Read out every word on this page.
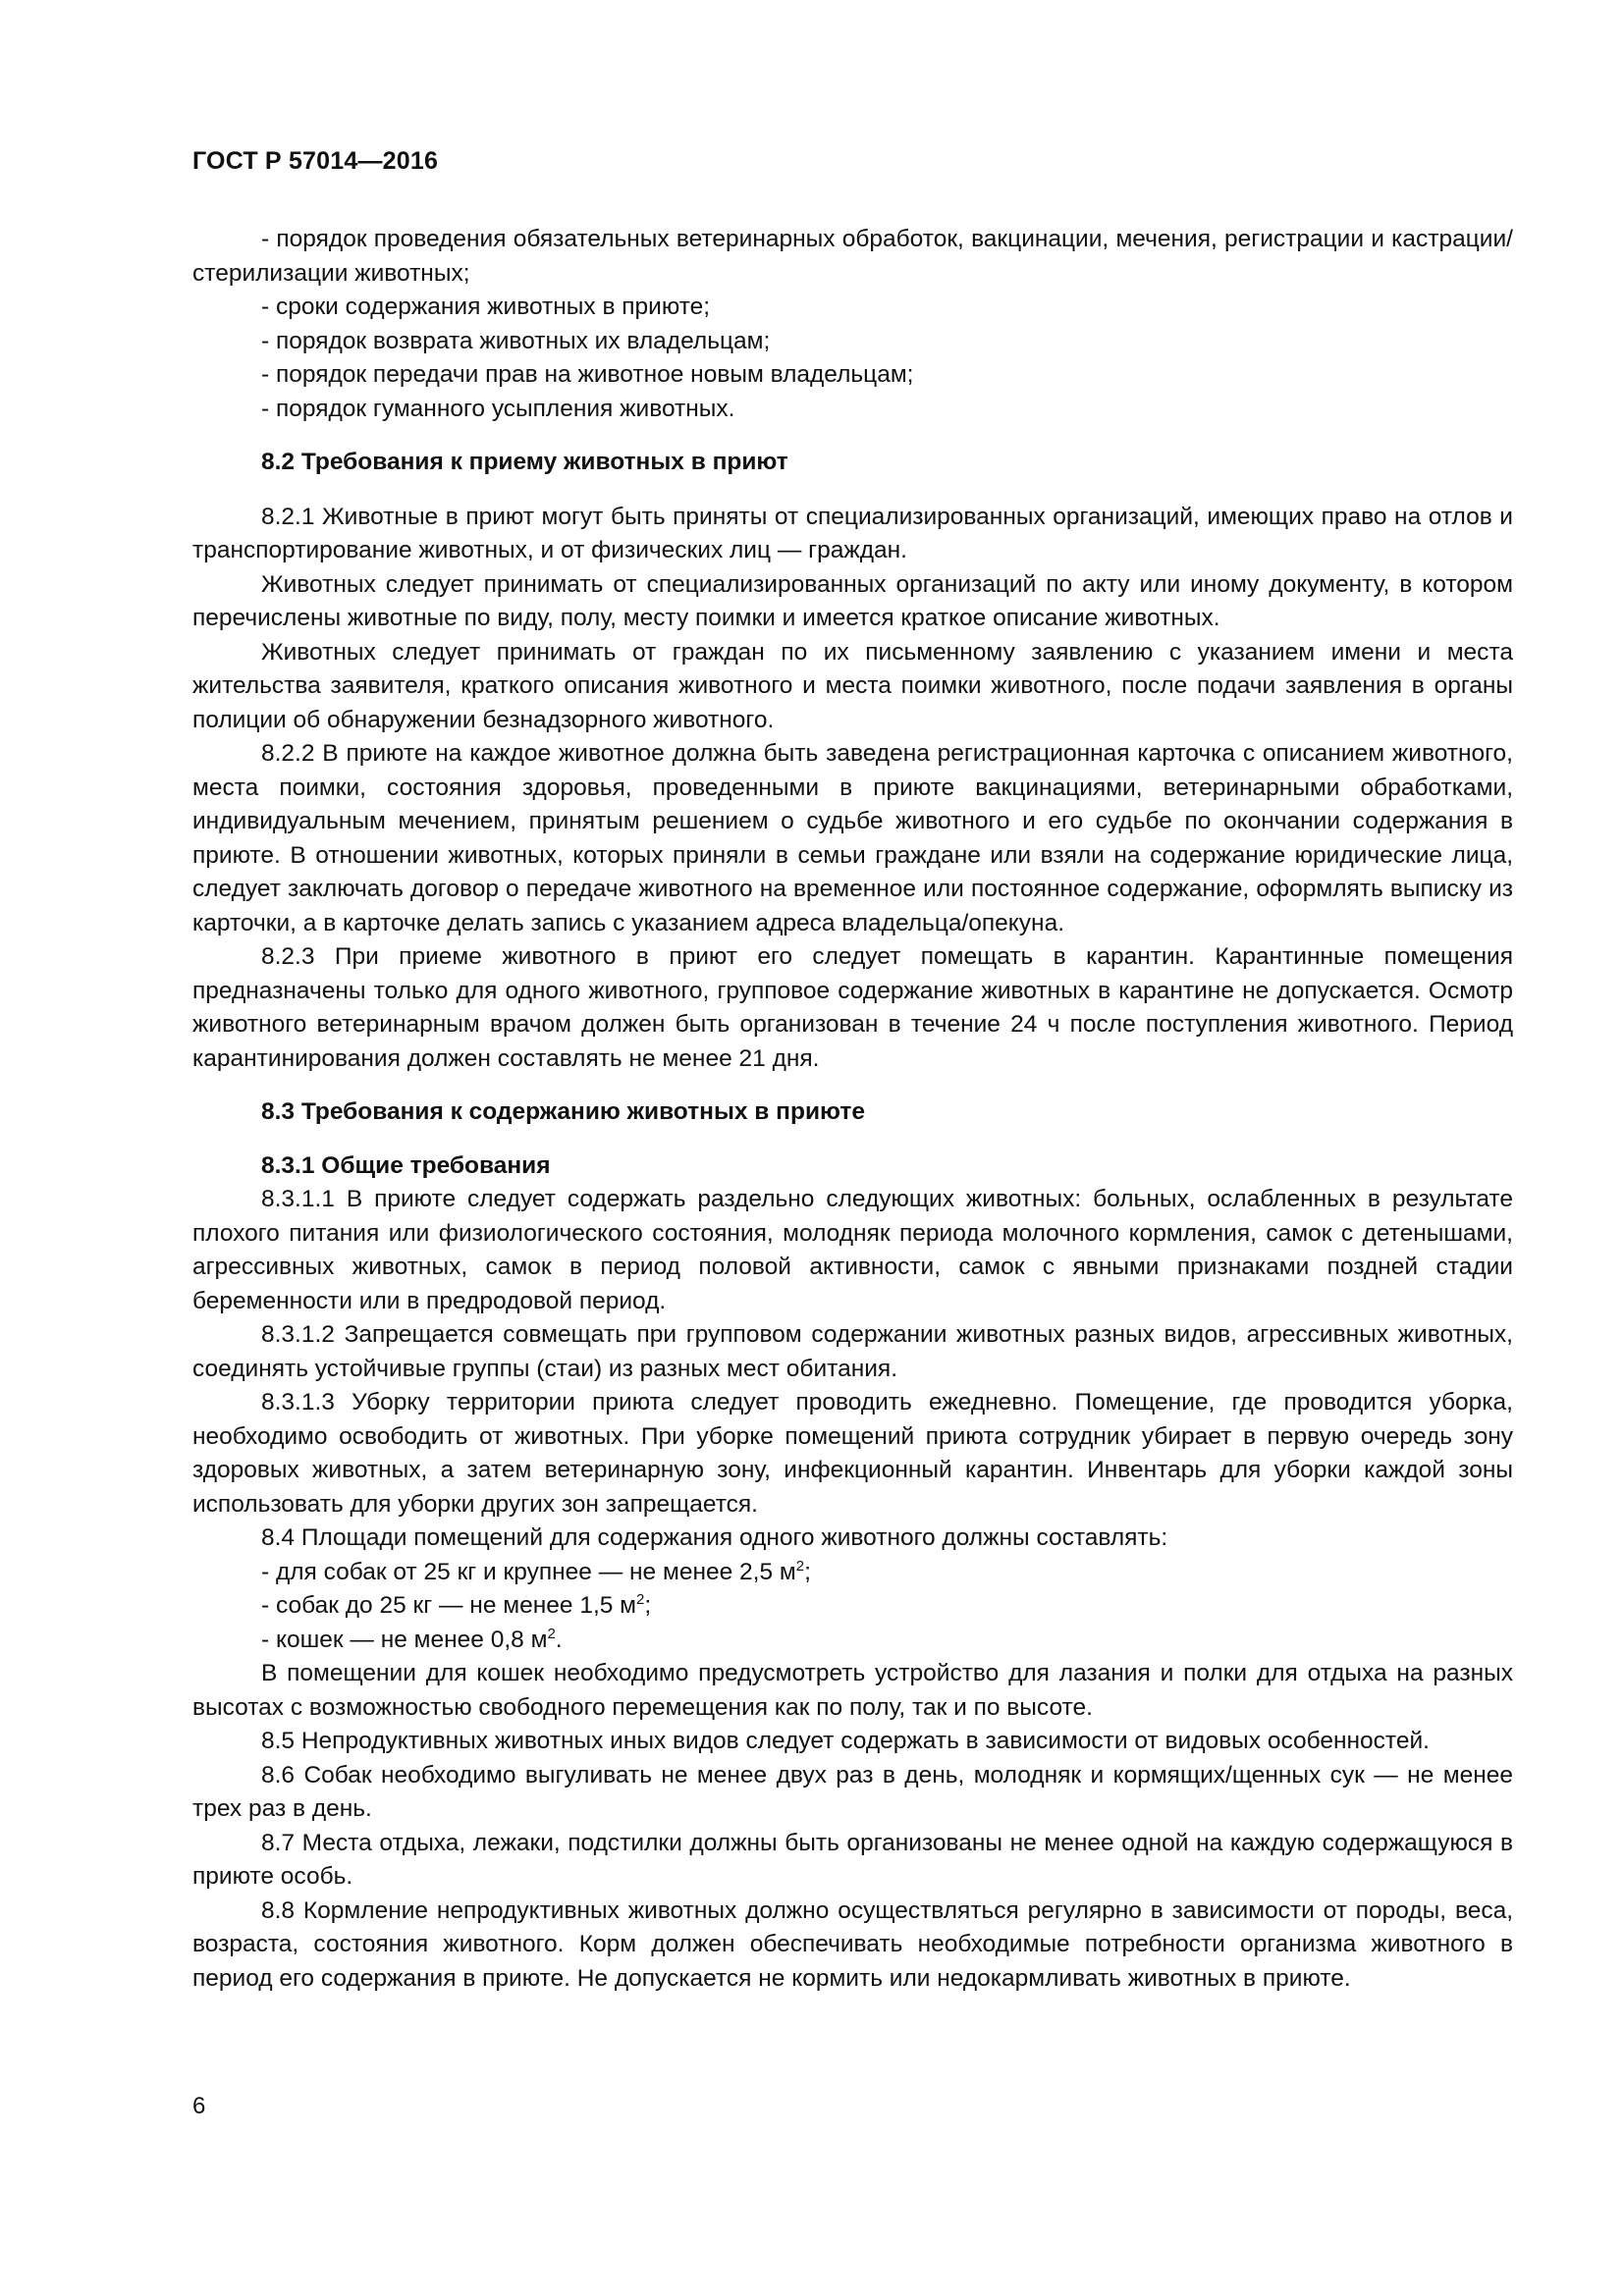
ГОСТ Р 57014—2016

- порядок проведения обязательных ветеринарных обработок, вакцинации, мечения, регистрации и кастрации/стерилизации животных;

- сроки содержания животных в приюте;

- порядок возврата животных их владельцам;

- порядок передачи прав на животное новым владельцам;

- порядок гуманного усыпления животных.

8.2 Требования к приему животных в приют

8.2.1 Животные в приют могут быть приняты от специализированных организаций, имеющих право на отлов и транспортирование животных, и от физических лиц — граждан.

Животных следует принимать от специализированных организаций по акту или иному документу, в котором перечислены животные по виду, полу, месту поимки и имеется краткое описание животных.

Животных следует принимать от граждан по их письменному заявлению с указанием имени и места жительства заявителя, краткого описания животного и места поимки животного, после подачи заявления в органы полиции об обнаружении безнадзорного животного.

8.2.2 В приюте на каждое животное должна быть заведена регистрационная карточка с описанием животного, места поимки, состояния здоровья, проведенными в приюте вакцинациями, ветеринарными обработками, индивидуальным мечением, принятым решением о судьбе животного и его судьбе по окончании содержания в приюте. В отношении животных, которых приняли в семьи граждане или взяли на содержание юридические лица, следует заключать договор о передаче животного на временное или постоянное содержание, оформлять выписку из карточки, а в карточке делать запись с указанием адреса владельца/опекуна.

8.2.3 При приеме животного в приют его следует помещать в карантин. Карантинные помещения предназначены только для одного животного, групповое содержание животных в карантине не допускается. Осмотр животного ветеринарным врачом должен быть организован в течение 24 ч после поступления животного. Период карантинирования должен составлять не менее 21 дня.

8.3 Требования к содержанию животных в приюте

8.3.1 Общие требования

8.3.1.1 В приюте следует содержать раздельно следующих животных: больных, ослабленных в результате плохого питания или физиологического состояния, молодняк периода молочного кормления, самок с детенышами, агрессивных животных, самок в период половой активности, самок с явными признаками поздней стадии беременности или в предродовой период.

8.3.1.2 Запрещается совмещать при групповом содержании животных разных видов, агрессивных животных, соединять устойчивые группы (стаи) из разных мест обитания.

8.3.1.3 Уборку территории приюта следует проводить ежедневно. Помещение, где проводится уборка, необходимо освободить от животных. При уборке помещений приюта сотрудник убирает в первую очередь зону здоровых животных, а затем ветеринарную зону, инфекционный карантин. Инвентарь для уборки каждой зоны использовать для уборки других зон запрещается.

8.4 Площади помещений для содержания одного животного должны составлять:

- для собак от 25 кг и крупнее — не менее 2,5 $м^2$;

- собак до 25 кг — не менее 1,5 $м^2$;

- кошек — не менее 0,8 $м^2$.

В помещении для кошек необходимо предусмотреть устройство для лазания и полки для отдыха на разных высотах с возможностью свободного перемещения как по полу, так и по высоте.

8.5 Непродуктивных животных иных видов следует содержать в зависимости от видовых особенностей.

8.6 Собак необходимо выгуливать не менее двух раз в день, молодняк и кормящих/щенных сук — не менее трех раз в день.

8.7 Места отдыха, лежаки, подстилки должны быть организованы не менее одной на каждую содержащуюся в приюте особь.

8.8 Кормление непродуктивных животных должно осуществляться регулярно в зависимости от породы, веса, возраста, состояния животного. Корм должен обеспечивать необходимые потребности организма животного в период его содержания в приюте. Не допускается не кормить или недокармливать животных в приюте.

6
